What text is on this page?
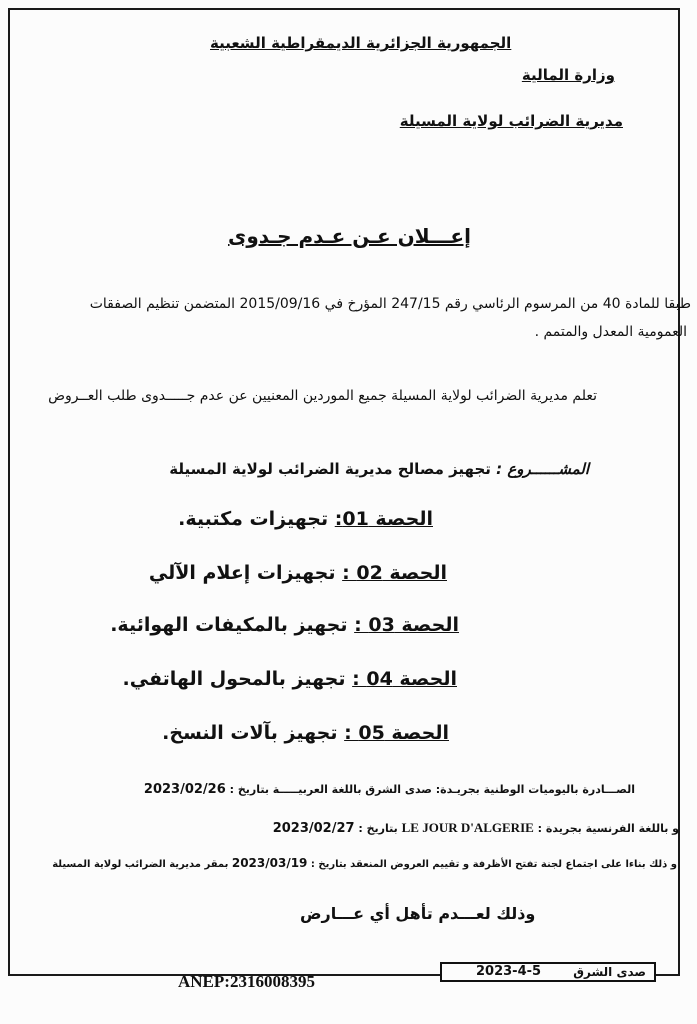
الجمهورية الجزائرية الديمقراطية الشعبية
وزارة المالية
مديرية الضرائب لولاية المسيلة
إعـــلان عـن عـدم جـدوى
طبقا للمادة 40 من المرسوم الرئاسي رقم 247/15 المؤرخ في 2015/09/16 المتضمن تنظيم الصفقات
العمومية المعدل والمتمم .
تعلم مديرية الضرائب لولاية المسيلة جميع الموردين المعنيين عن عدم جـــــدوى طلب العــروض
المشــــــروع : تجهيز مصالح مديرية الضرائب لولاية المسيلة
الحصة 01: تجهيزات مكتبية.
الحصة 02 : تجهيزات إعلام الآلي
الحصة 03 : تجهيز بالمكيفات الهوائية.
الحصة 04 : تجهيز بالمحول الهاتفي.
الحصة 05 : تجهيز بآلات النسخ.
الصـــادرة باليوميات الوطنية بجريـدة: صدى الشرق باللغة العربيـــــة بتاريخ : 2023/02/26
و باللغة الفرنسية بجريدة : LE JOUR D'ALGERIE بتاريخ : 2023/02/27
و ذلك بناءا على اجتماع لجنة تفتح الأظرفة و تقييم العروض المنعقد بتاريخ : 2023/03/19 بمقر مديرية الضرائب لولاية المسيلة
وذلك لعـــدم تأهل أي عـــارض
ANEP:2316008395	صدى الشرق
2023-4-5
